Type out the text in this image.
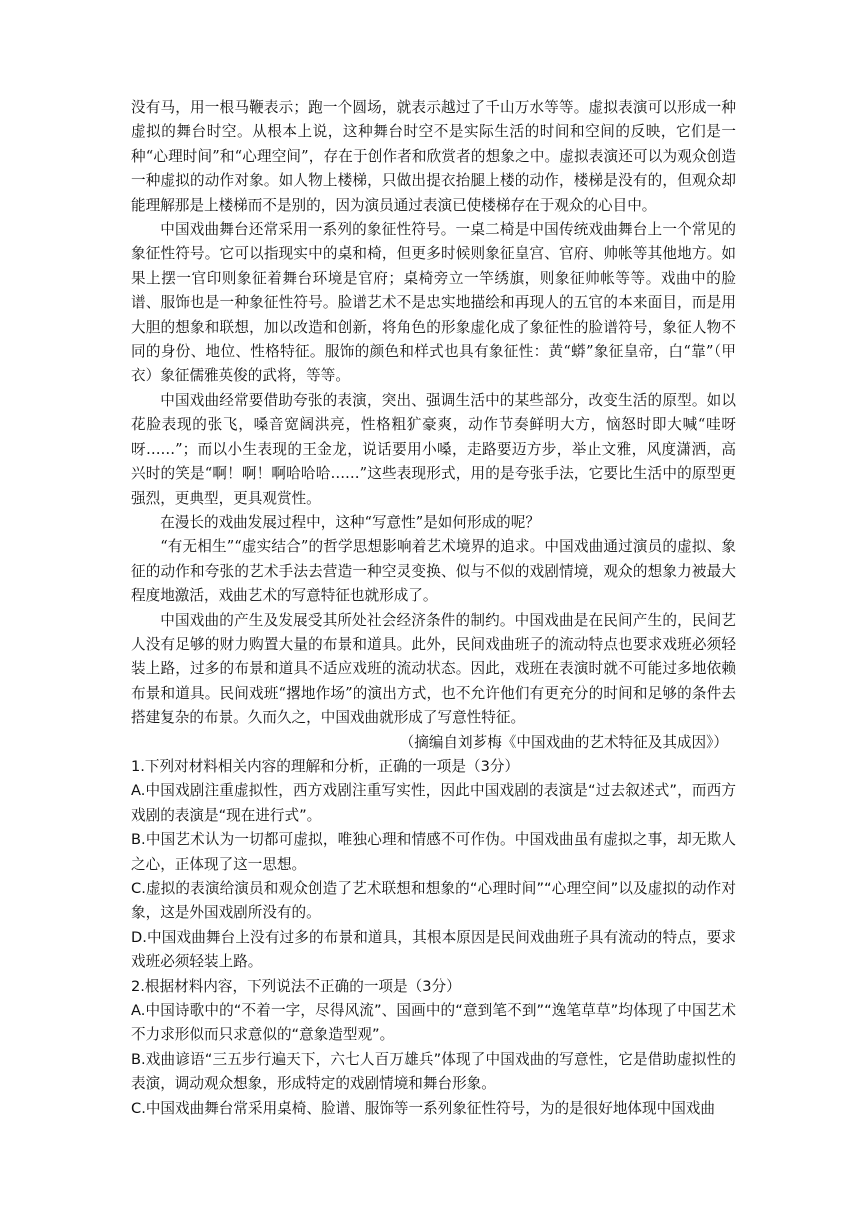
没有马，用一根马鞭表示；跑一个圆场，就表示越过了千山万水等等。虚拟表演可以形成一种虚拟的舞台时空。从根本上说，这种舞台时空不是实际生活的时间和空间的反映，它们是一种“心理时间”和“心理空间”，存在于创作者和欣赏者的想象之中。虚拟表演还可以为观众创造一种虚拟的动作对象。如人物上楼梯，只做出提衣抬腿上楼的动作，楼梯是没有的，但观众却能理解那是上楼梯而不是别的，因为演员通过表演已使楼梯存在于观众的心目中。

中国戏曲舞台还常采用一系列的象征性符号。一桌二椅是中国传统戏曲舞台上一个常见的象征性符号。它可以指现实中的桌和椅，但更多时候则象征皇宫、官府、帅帐等其他地方。如果上摆一官印则象征着舞台环境是官府；桌椅旁立一竿绣旗，则象征帅帐等等。戏曲中的脸谱、服饰也是一种象征性符号。脸谱艺术不是忠实地描绘和再现人的五官的本来面目，而是用大胆的想象和联想，加以改造和创新，将角色的形象虚化成了象征性的脸谱符号，象征人物不同的身份、地位、性格特征。服饰的颜色和样式也具有象征性：黄“蟒”象征皇帝，白“靠”（甲衣）象征儒雅英俊的武将，等等。

中国戏曲经常要借助夸张的表演，突出、强调生活中的某些部分，改变生活的原型。如以花脸表现的张飞，嗓音宽阔洪亮，性格粗犷豪爽，动作节奏鲜明大方，恼怒时即大喊“哇呀呀……”；而以小生表现的王金龙，说话要用小嗓，走路要迈方步，举止文雅，风度潇洒，高兴时的笑是“啊！啊！啊哈哈哈……”这些表现形式，用的是夸张手法，它要比生活中的原型更强烈，更典型，更具观赏性。

在漫长的戏曲发展过程中，这种“写意性”是如何形成的呢？

“有无相生”“虚实结合”的哲学思想影响着艺术境界的追求。中国戏曲通过演员的虚拟、象征的动作和夸张的艺术手法去营造一种空灵变换、似与不似的戏剧情境，观众的想象力被最大程度地激活，戏曲艺术的写意特征也就形成了。

中国戏曲的产生及发展受其所处社会经济条件的制约。中国戏曲是在民间产生的，民间艺人没有足够的财力购置大量的布景和道具。此外，民间戏曲班子的流动特点也要求戏班必须轻装上路，过多的布景和道具不适应戏班的流动状态。因此，戏班在表演时就不可能过多地依赖布景和道具。民间戏班“撂地作场”的演出方式，也不允许他们有更充分的时间和足够的条件去搭建复杂的布景。久而久之，中国戏曲就形成了写意性特征。

（摘编自刘芗梅《中国戏曲的艺术特征及其成因》）

1.下列对材料相关内容的理解和分析，正确的一项是（3分）

A.中国戏剧注重虚拟性，西方戏剧注重写实性，因此中国戏剧的表演是“过去叙述式”，而西方戏剧的表演是“现在进行式”。

B.中国艺术认为一切都可虚拟，唯独心理和情感不可作伪。中国戏曲虽有虚拟之事，却无欺人之心，正体现了这一思想。

C.虚拟的表演给演员和观众创造了艺术联想和想象的“心理时间”“心理空间”以及虚拟的动作对象，这是外国戏剧所没有的。

D.中国戏曲舞台上没有过多的布景和道具，其根本原因是民间戏曲班子具有流动的特点，要求戏班必须轻装上路。

2.根据材料内容，下列说法不正确的一项是（3分）

A.中国诗歌中的“不着一字，尽得风流”、国画中的“意到笔不到”“逸笔草草”均体现了中国艺术不力求形似而只求意似的“意象造型观”。

B.戏曲谚语“三五步行遍天下，六七人百万雄兵”体现了中国戏曲的写意性，它是借助虚拟性的表演，调动观众想象，形成特定的戏剧情境和舞台形象。

C.中国戏曲舞台常采用桌椅、脸谱、服饰等一系列象征性符号，为的是很好地体现中国戏曲
